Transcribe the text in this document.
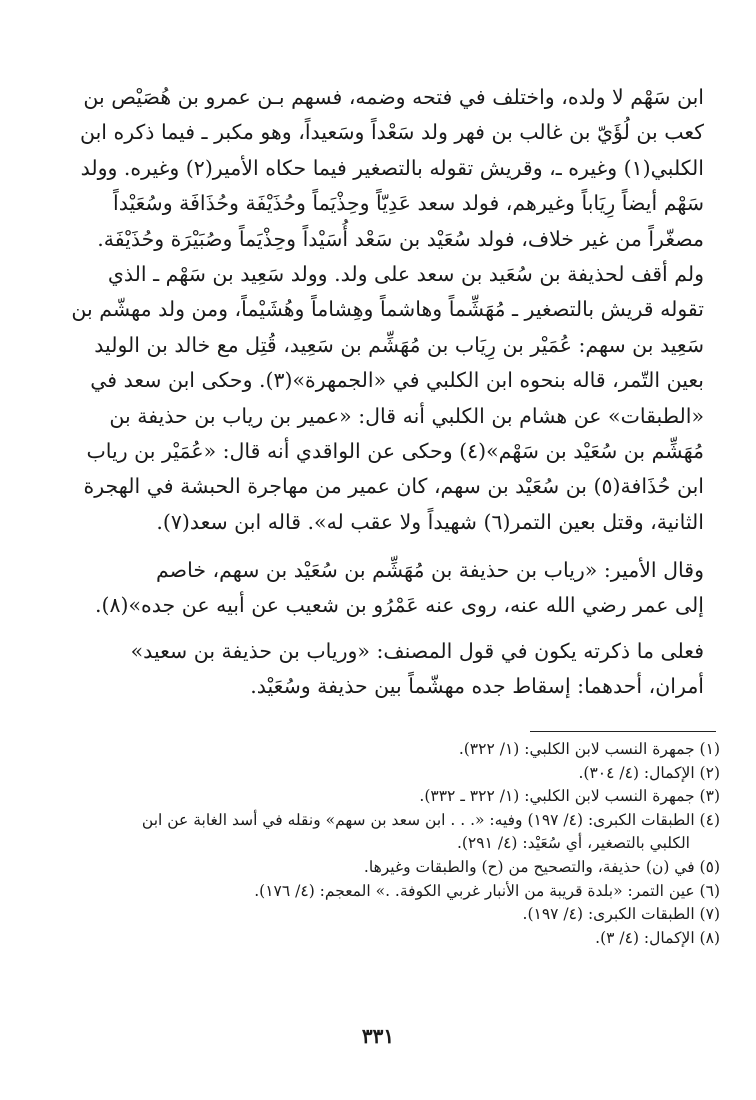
ابن سَهْم لا ولده، واختلف في فتحه وضمه، فسهم بـن عمرو بن هُصَيْص بن

كعب بن لُؤَيّ بن غالب بن فهر ولد سَعْداً وسَعيداً، وهو مكبر ـ فيما ذكره ابن

الكلبي(١) وغيره ـ، وقريش تقوله بالتصغير فيما حكاه الأمير(٢) وغيره. وولد

سَهْم أيضاً رِيَاباً وغيرهم، فولد سعد عَدِيّاً وحِذْيَماً وحُذَيْفَة وحُذَافَة وسُعَيْداً

مصغّراً من غير خلاف، فولد سُعَيْد بن سَعْد أُسَيْداً وحِذْيَماً وصُبَيْرَة وحُذَيْفَة.

ولم أقف لحذيفة بن سُعَيد بن سعد على ولد. وولد سَعِيد بن سَهْم ـ الذي

تقوله قريش بالتصغير ـ مُهَشِّماً وهاشماً وهِشاماً وهُشَيْماً، ومن ولد مهشّم بن

سَعِيد بن سهم: عُمَيْر بن رِيَاب بن مُهَشِّم بن سَعِيد، قُتِل مع خالد بن الوليد

بعين التّمر، قاله بنحوه ابن الكلبي في «الجمهرة»(٣). وحكى ابن سعد في

«الطبقات» عن هشام بن الكلبي أنه قال: «عمير بن رياب بن حذيفة بن

مُهَشِّم بن سُعَيْد بن سَهْم»(٤) وحكى عن الواقدي أنه قال: «عُمَيْر بن رياب

ابن حُذَافة(٥) بن سُعَيْد بن سهم، كان عمير من مهاجرة الحبشة في الهجرة

الثانية، وقتل بعين التمر(٦) شهيداً ولا عقب له». قاله ابن سعد(٧).

وقال الأمير: «رياب بن حذيفة بن مُهَشِّم بن سُعَيْد بن سهم، خاصم

إلى عمر رضي الله عنه، روى عنه عَمْرُو بن شعيب عن أبيه عن جده»(٨).

فعلى ما ذكرته يكون في قول المصنف: «ورياب بن حذيفة بن سعيد»

أمران، أحدهما: إسقاط جده مهشّماً بين حذيفة وسُعَيْد.

(١) جمهرة النسب لابن الكلبي: (١/ ٣٢٢).

(٢) الإكمال: (٤/ ٣٠٤).

(٣) جمهرة النسب لابن الكلبي: (١/ ٣٢٢ ـ ٣٣٢).

(٤) الطبقات الكبرى: (٤/ ١٩٧) وفيه: «. . . ابن سعد بن سهم» ونقله في أسد الغابة عن ابن

الكلبي بالتصغير، أي سُعَيْد: (٤/ ٢٩١).

(٥) في (ن) حذيفة، والتصحيح من (ح) والطبقات وغيرها.

(٦) عين التمر: «بلدة قريبة من الأنبار غربي الكوفة. .» المعجم: (٤/ ١٧٦).

(٧) الطبقات الكبرى: (٤/ ١٩٧).

(٨) الإكمال: (٤/ ٣).

٣٣١
